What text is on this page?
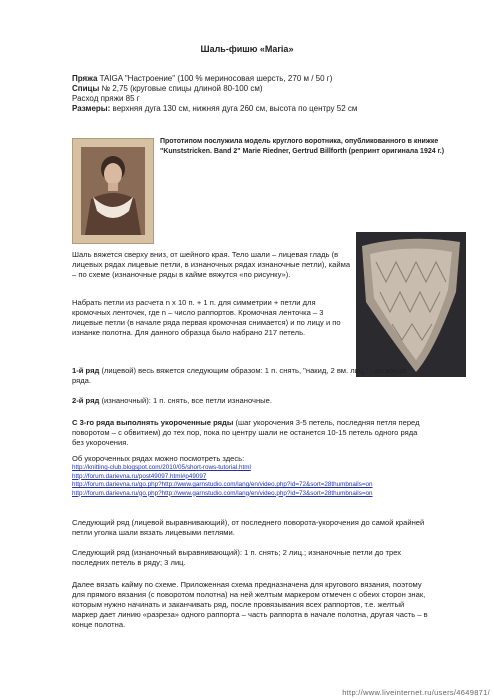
Шаль-фишю «Maria»
Пряжа TAIGA "Настроение" (100 % мериносовая шерсть, 270 м / 50 г)
Спицы № 2,75 (круговые спицы длиной 80-100 см)
Расход пряжи 85 г
Размеры: верхняя дуга 130 см, нижняя дуга 260 см, высота по центру 52 см
Прототипом послужила модель круглого воротника, опубликованного в книжке "Kunststricken. Band 2" Marie Riedner, Gertrud Billforth (репринт оригинала 1924 г.)
Шаль вяжется сверху вниз, от шейного края. Тело шали – лицевая гладь (в лицевых рядах лицевые петли, в изнаночных рядах изнаночные петли), кайма – по схеме (изнаночные ряды в кайме вяжутся «по рисунку»).
Набрать петли из расчета n x 10 п. + 1 п. для симметрии + петли для кромочных ленточек, где n – число раппортов. Кромочная ленточка – 3 лицевые петли (в начале ряда первая кромочная снимается) и по лицу и по изнанке полотна. Для данного образца было набрано 217 петель.
1-й ряд (лицевой) весь вяжется следующим образом: 1 п. снять, "накид, 2 вм. лиц." - до конца ряда.
2-й ряд (изнаночный): 1 п. снять, все петли изнаночные.
С 3-го ряда выполнять укороченные ряды (шаг укорочения 3-5 петель, последняя петля перед поворотом – с обвитием) до тех пор, пока по центру шали не останется 10-15 петель одного ряда без укорочения.
Об укороченных рядах можно посмотреть здесь:
http://knitting-club.blogspot.com/2010/05/short-rows-tutorial.html
http://forum.darievna.ru/post49097.html#p49097
http://forum.darievna.ru/go.php?http://www.garnstudio.com/lang/en/video.php?id=72&sort=28thumbnails=on
http://forum.darievna.ru/go.php?http://www.garnstudio.com/lang/en/video.php?id=73&sort=28thumbnails=on
Следующий ряд (лицевой выравнивающий), от последнего поворота-укорочения до самой крайней петли уголка шали вязать лицевыми петлями.
Следующий ряд (изнаночный выравнивающий): 1 п. снять; 2 лиц.; изнаночные петли до трех последних петель в ряду; 3 лиц.
Далее вязать кайму по схеме. Приложенная схема предназначена для кругового вязания, поэтому для прямого вязания (с поворотом полотна) на ней желтым маркером отмечен с обеих сторон знак, которым нужно начинать и заканчивать ряд, после провязывания всех раппортов, т.е. желтый маркер дает линию «разреза» одного раппорта – часть раппорта в начале полотна, другая часть – в конце полотна.
http://www.liveinternet.ru/users/4649871/
